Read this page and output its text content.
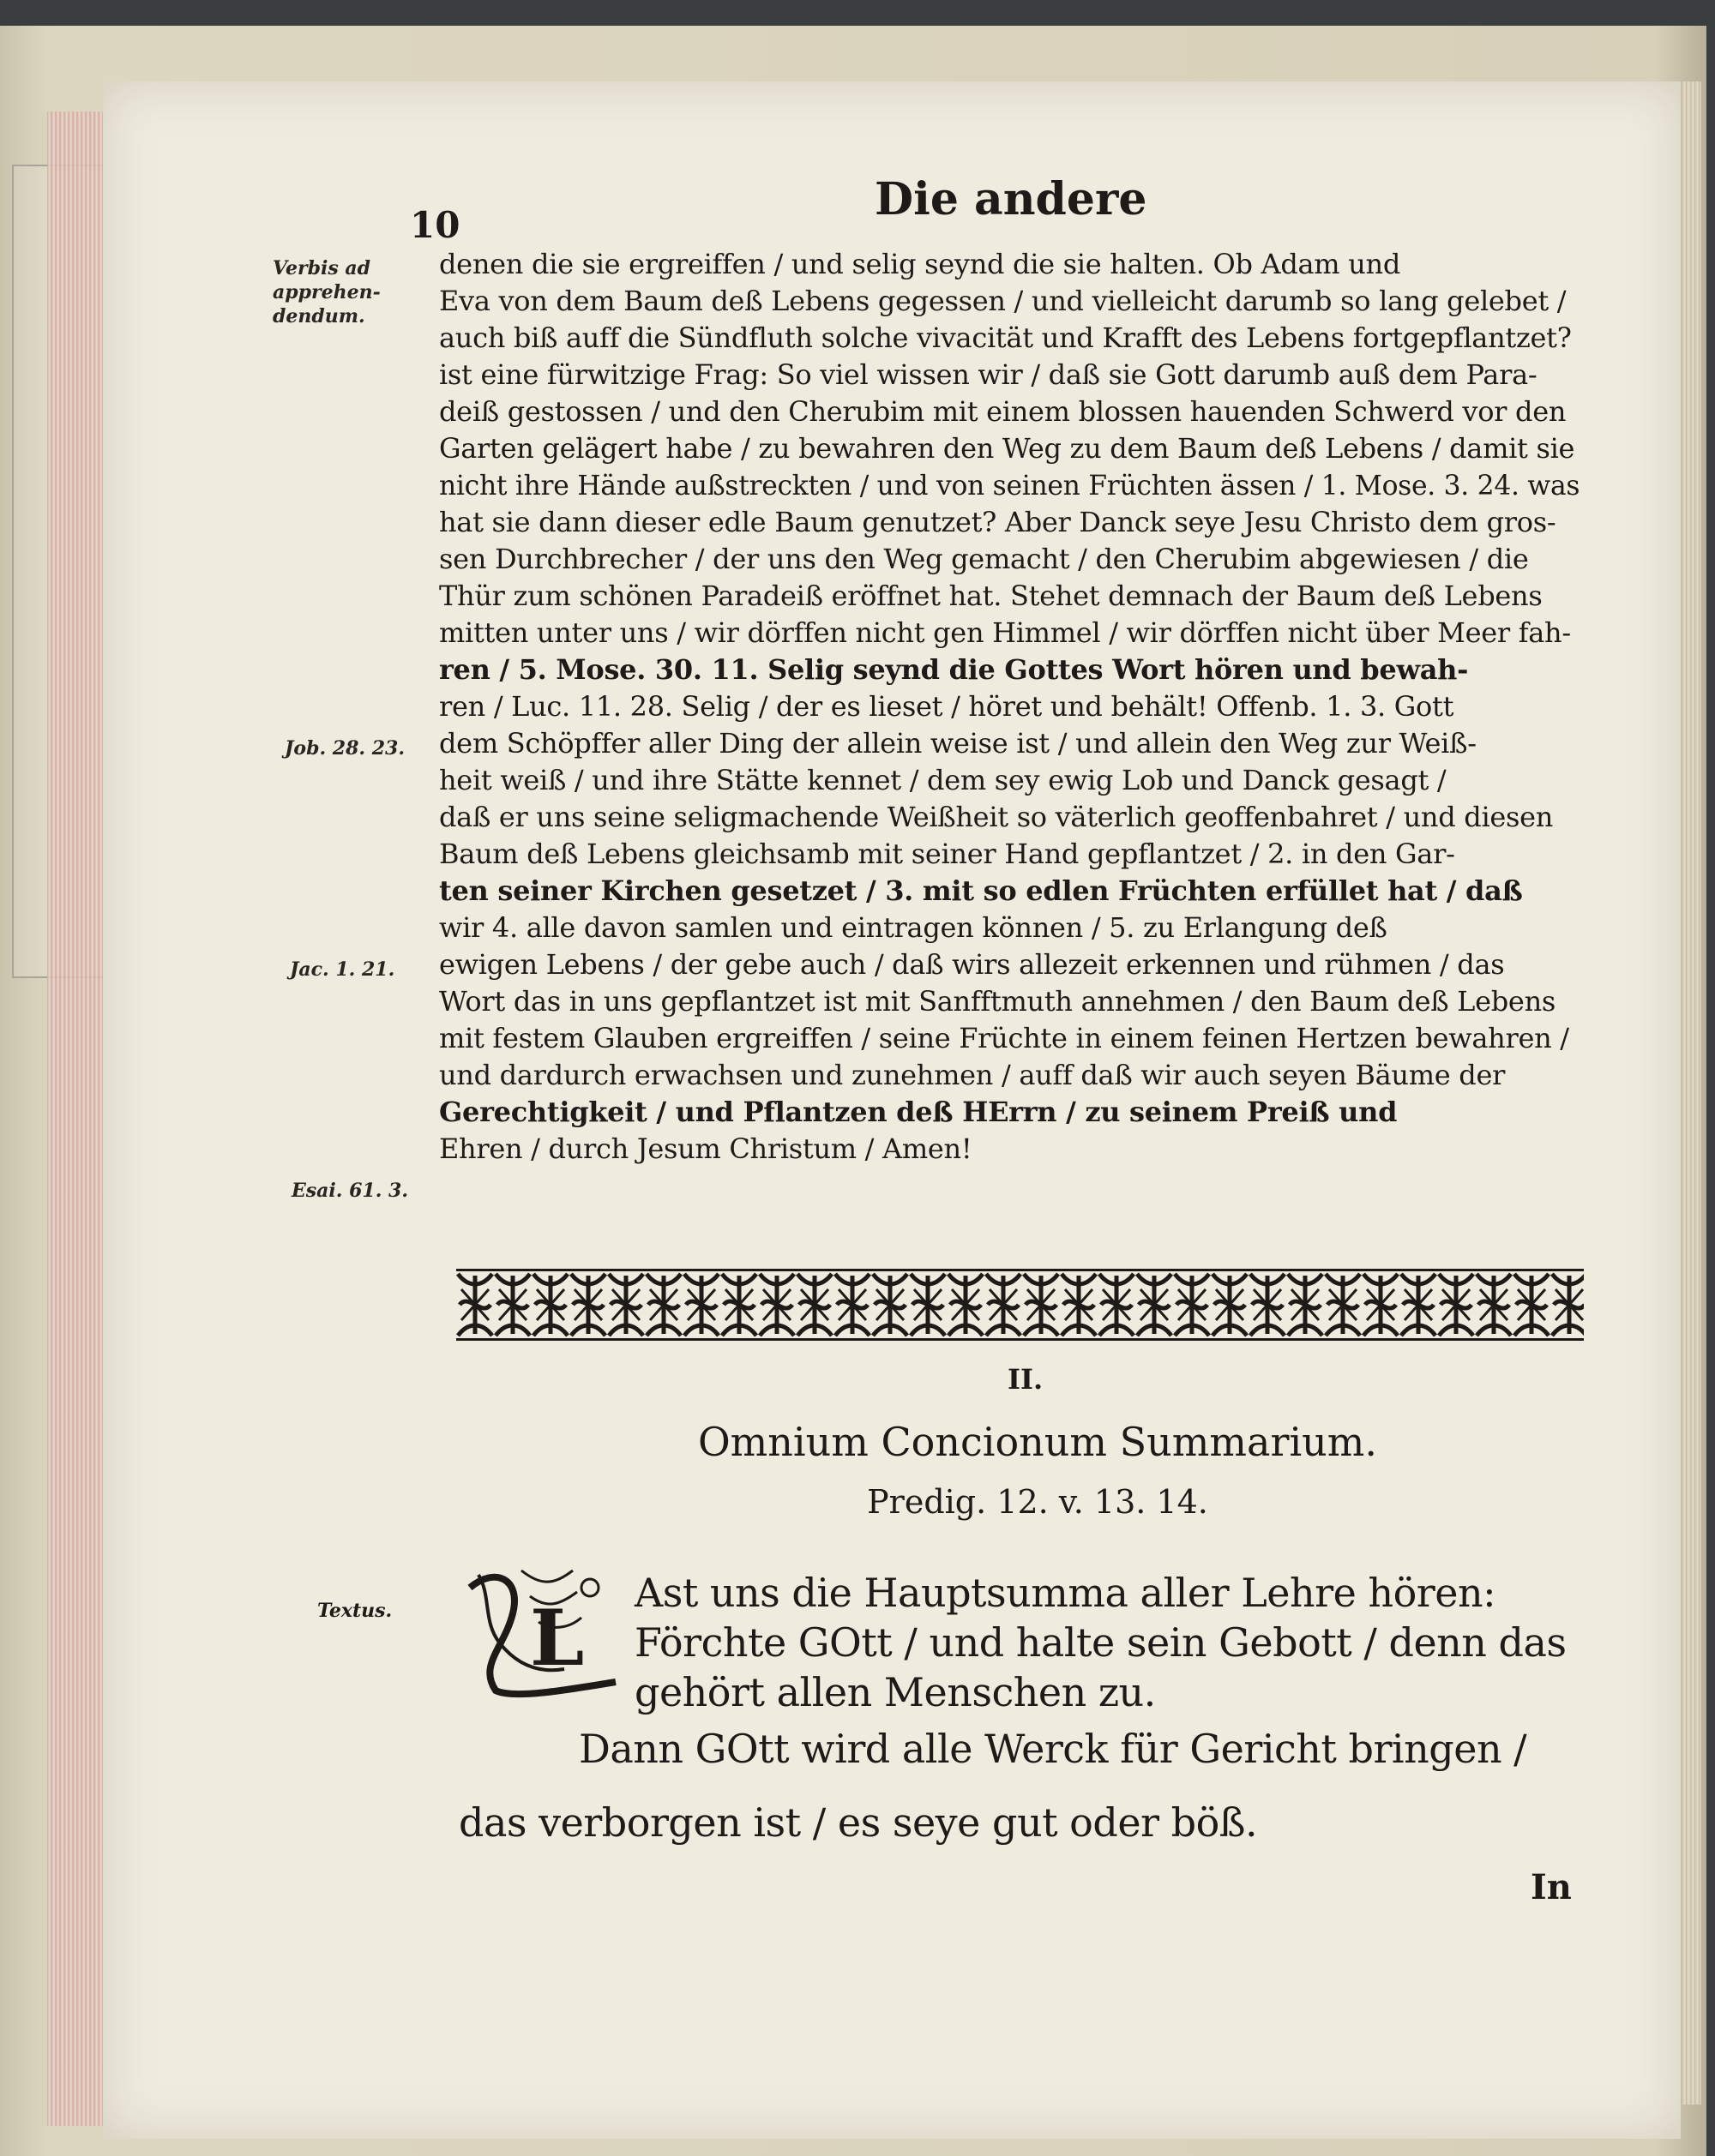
10	Die andere
denen die sie ergreiffen / und selig seynd die sie halten. Ob Adam und
Eva von dem Baum deß Lebens gegessen / und vielleicht darumb so lang gelebet /
auch biß auff die Sündfluth solche vivacität und Krafft des Lebens fortgepflantzet?
ist eine fürwitzige Frag: So viel wissen wir / daß sie Gott darumb auß dem Para-
deiß gestossen / und den Cherubim mit einem blossen hauenden Schwerd vor den
Garten gelägert habe / zu bewahren den Weg zu dem Baum deß Lebens / damit sie
nicht ihre Hände außstreckten / und von seinen Früchten ässen / 1. Mose. 3. 24. was
hat sie dann dieser edle Baum genutzet? Aber Danck seye Jesu Christo dem gros-
sen Durchbrecher / der uns den Weg gemacht / den Cherubim abgewiesen / die
Thür zum schönen Paradeiß eröffnet hat. Stehet demnach der Baum deß Lebens
mitten unter uns / wir dörffen nicht gen Himmel / wir dörffen nicht über Meer fah-
ren / 5. Mose. 30. 11. Selig seynd die Gottes Wort hören und bewah-
ren / Luc. 11. 28. Selig / der es lieset / höret und behält! Offenb. 1. 3. Gott
dem Schöpffer aller Ding der allein weise ist / und allein den Weg zur Weiß-
heit weiß / und ihre Stätte kennet / dem sey ewig Lob und Danck gesagt /
daß er uns seine seligmachende Weißheit so väterlich geoffenbahret / und diesen
Baum deß Lebens gleichsamb mit seiner Hand gepflantzet / 2. in den Gar-
ten seiner Kirchen gesetzet / 3. mit so edlen Früchten erfüllet hat / daß
wir 4. alle davon samlen und eintragen können / 5. zu Erlangung deß
ewigen Lebens / der gebe auch / daß wirs allezeit erkennen und rühmen / das
Wort das in uns gepflantzet ist mit Sanfftmuth annehmen / den Baum deß Lebens
mit festem Glauben ergreiffen / seine Früchte in einem feinen Hertzen bewahren /
und dardurch erwachsen und zunehmen / auff daß wir auch seyen Bäume der
Gerechtigkeit / und Pflantzen deß HErrn / zu seinem Preiß und
Ehren / durch Jesum Christum / Amen!
Verbis ad
apprehen-
dendum.
Job. 28. 23.
Jac. 1. 21.
Esai. 61. 3.
II.
Omnium Concionum Summarium.
Predig. 12. v. 13. 14.
Textus. L Ast uns die Hauptsumma aller Lehre hören:
Förchte GOtt / und halte sein Gebott / denn das
gehört allen Menschen zu.
Dann GOtt wird alle Werck für Gericht bringen /
das verborgen ist / es seye gut oder böß.
In
